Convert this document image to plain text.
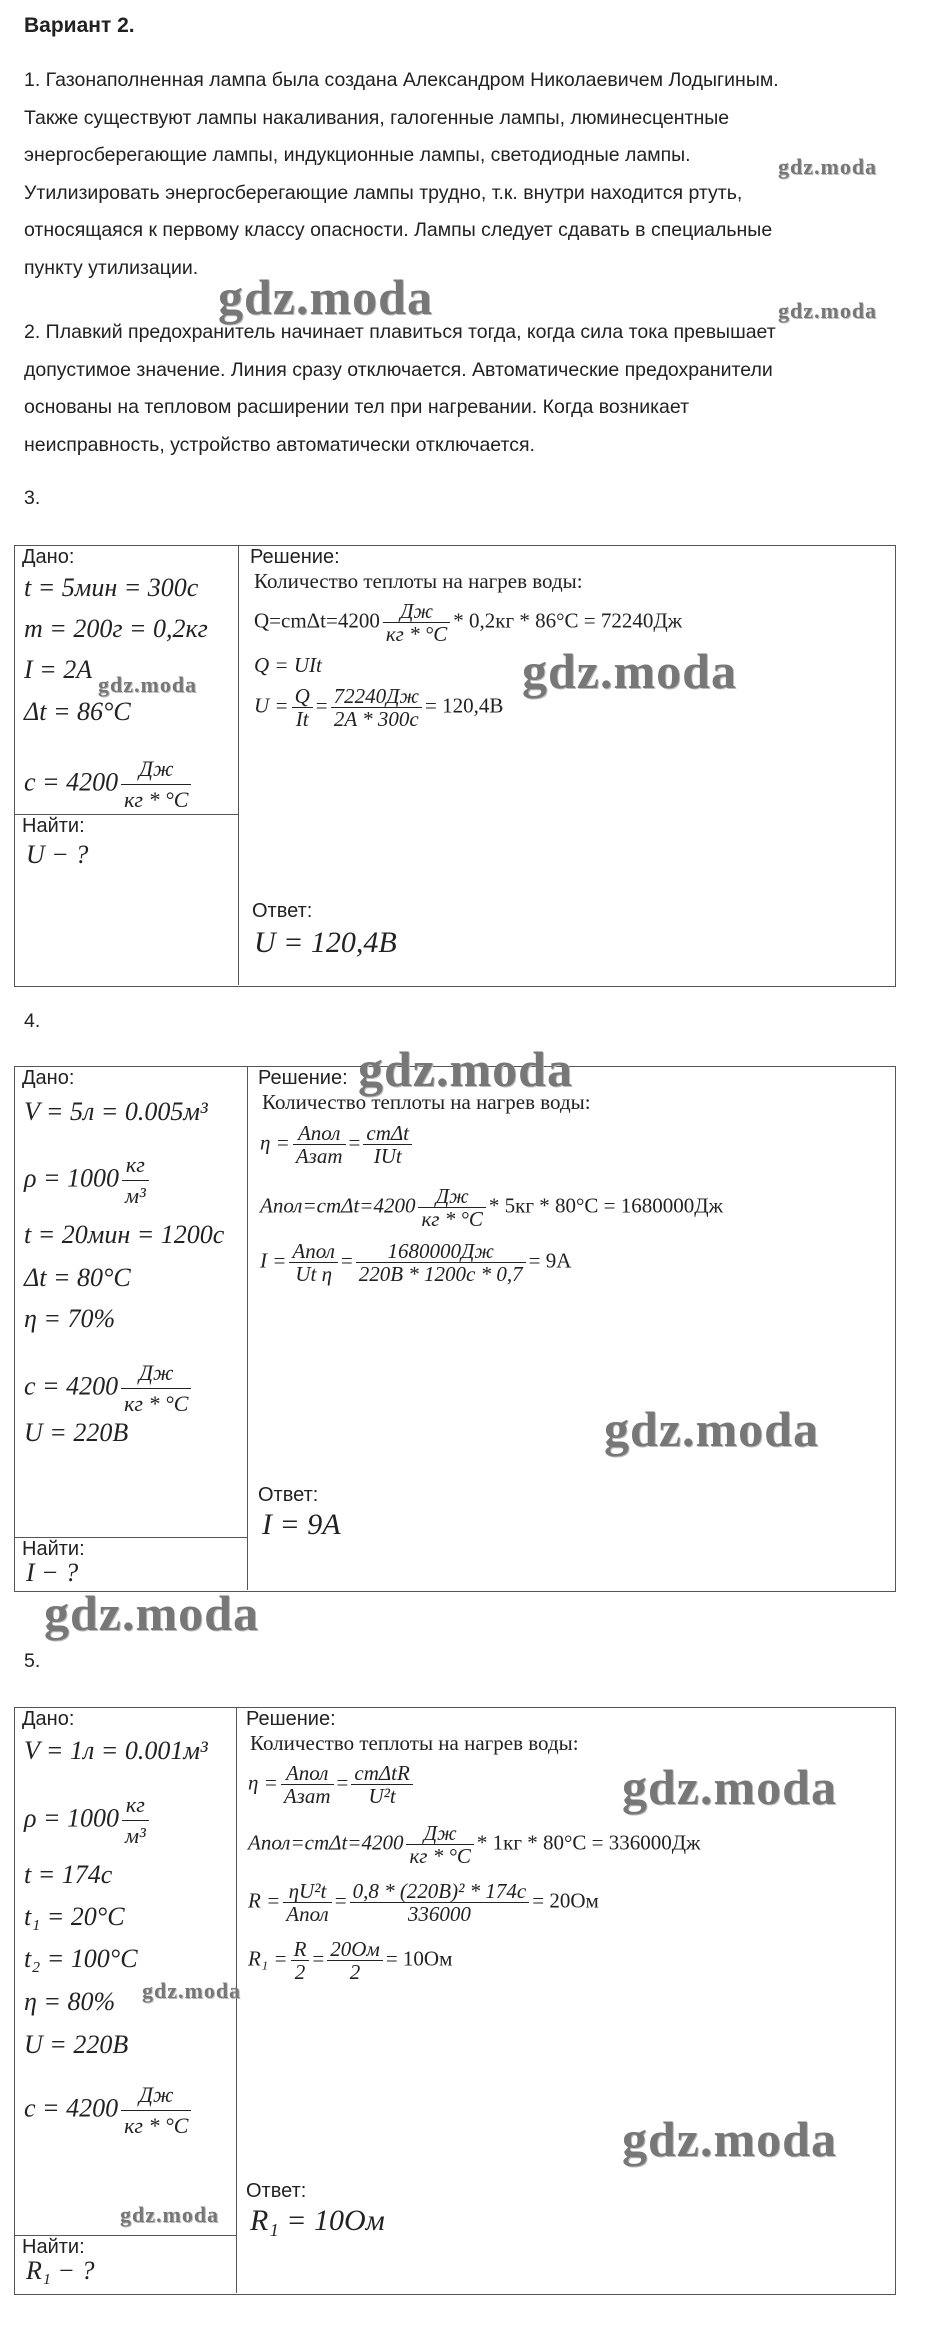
Вариант 2.
1. Газонаполненная лампа была создана Александром Николаевичем Лодыгиным.
Также существуют лампы накаливания, галогенные лампы, люминесцентные
энергосберегающие лампы, индукционные лампы, светодиодные лампы.
Утилизировать энергосберегающие лампы трудно, т.к. внутри находится ртуть,
относящаяся к первому классу опасности. Лампы следует сдавать в специальные
пункту утилизации.
2. Плавкий предохранитель начинает плавиться тогда, когда сила тока превышает
допустимое значение. Линия сразу отключается. Автоматические предохранители
основаны на тепловом расширении тел при нагревании. Когда возникает
неисправность, устройство автоматически отключается.
3.
Дано:
t = 5мин = 300с
m = 200г = 0,2кг
I = 2A
Δt = 86°C
$c = 4200 \frac{Дж}{кг * ^\circ C}$
Найти:
U − ?
Решение:
Количество теплоты на нагрев воды:
$Q=cm\Delta t=4200 \frac{Дж}{кг * ^\circ C} * 0,2кг * 86^\circ C = 72240Дж$
Q = UIt
$U = \frac{Q}{It} = \frac{72240Дж}{2A * 300с} = 120,4В$
Ответ:
U = 120,4B
4.
Дано:
V = 5л = 0.005м³
$\rho = 1000 \frac{кг}{\text{м³}}$
t = 20мин = 1200с
Δt = 80°C
η = 70%
$c = 4200 \frac{Дж}{кг * ^\circ C}$
U = 220B
Найти:
I − ?
Решение:
Количество теплоты на нагрев воды:
$\eta = \frac{\text{Aпол}}{\text{Aзат}} = \frac{\text{cmΔt}}{\text{IUt}}$
Aпол=cmΔt=4200 $\frac{Дж}{кг * ^\circ C} * 5кг * 80^\circ C = 1680000Дж$
$I = \frac{\text{Aпол}}{\text{Ut η}} = \frac{1680000Дж}{220В * 1200с * 0,7} = 9A$
Ответ:
I = 9A
5.
Дано:
V = 1л = 0.001м³
$\rho = 1000 \frac{кг}{\text{м³}}$
t = 174c
t₁ = 20°C
t₂ = 100°C
η = 80%
U = 220B
$c = 4200 \frac{Дж}{кг * ^\circ C}$
Найти:
R₁ − ?
Решение:
Количество теплоты на нагрев воды:
$\eta = \frac{\text{Aпол}}{\text{Aзат}} = \frac{\text{cmΔtR}}{\text{U²t}}$
Aпол=cmΔt=4200 $\frac{Дж}{кг * ^\circ C} * 1кг * 80^\circ C = 336000Дж$
$R = \frac{\text{ηU²t}}{\text{Aпол}} = \frac{\text{0,8 * (220В)² * 174с}}{336000} = 20Ом$
$R_1 = \frac{R}{2} = \frac{20Ом}{2} = 10Ом$
Ответ:
R₁ = 10Ом
gdz.moda
gdz.moda	gdz.moda
gdz.moda
gdz.moda
gdz.moda
gdz.moda
gdz.moda
gdz.moda
gdz.moda
gdz.moda
gdz.moda
